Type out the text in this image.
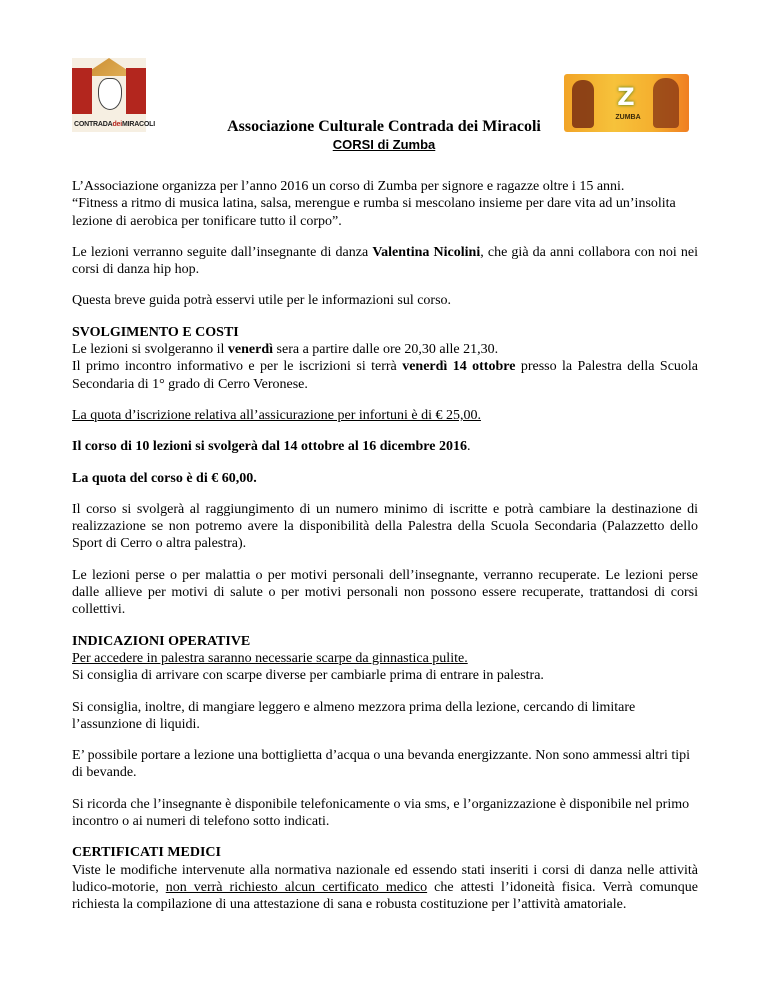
CONTRADAdeiMIRACOLI
Z
ZUMBA
Associazione Culturale Contrada dei Miracoli
CORSI di Zumba

L’Associazione organizza per l’anno 2016 un corso di Zumba per signore e ragazze oltre i 15 anni.

“Fitness a ritmo di musica latina, salsa, merengue e rumba si mescolano insieme per dare vita ad un’insolita lezione di aerobica per tonificare tutto il corpo”.

Le lezioni verranno seguite dall’insegnante di danza Valentina Nicolini, che già da anni collabora con noi nei corsi di danza hip hop.

Questa breve guida potrà esservi utile per le informazioni sul corso.

SVOLGIMENTO E COSTI

Le lezioni si svolgeranno il venerdì sera a partire dalle ore 20,30 alle 21,30.

Il primo incontro informativo e per le iscrizioni si terrà venerdì 14 ottobre presso la Palestra della Scuola Secondaria di 1° grado di Cerro Veronese.

La quota d’iscrizione relativa all’assicurazione per infortuni è di € 25,00.

Il corso di 10 lezioni si svolgerà dal 14 ottobre al 16 dicembre 2016.

La quota del corso è di € 60,00.

Il corso si svolgerà al raggiungimento di un numero minimo di iscritte e potrà cambiare la destinazione di realizzazione se non potremo avere la disponibilità della Palestra della Scuola Secondaria (Palazzetto dello Sport di Cerro o altra palestra).

Le lezioni perse o per malattia o per motivi personali dell’insegnante, verranno recuperate. Le lezioni perse dalle allieve per motivi di salute o per motivi personali non possono essere recuperate, trattandosi di corsi collettivi.

INDICAZIONI OPERATIVE

Per accedere in palestra saranno necessarie scarpe da ginnastica pulite.

Si consiglia di arrivare con scarpe diverse per cambiarle prima di entrare in palestra.

Si consiglia, inoltre, di mangiare leggero e almeno mezzora prima della lezione, cercando di limitare l’assunzione di liquidi.

E’ possibile portare a lezione una bottiglietta d’acqua o una bevanda energizzante. Non sono ammessi altri tipi di bevande.

Si ricorda che l’insegnante è disponibile telefonicamente o via sms, e l’organizzazione è disponibile nel primo incontro o ai numeri di telefono sotto indicati.

CERTIFICATI MEDICI

Viste le modifiche intervenute alla normativa nazionale ed essendo stati inseriti i corsi di danza nelle attività ludico-motorie, non verrà richiesto alcun certificato medico che attesti l’idoneità fisica. Verrà comunque richiesta la compilazione di una attestazione di sana e robusta costituzione per l’attività amatoriale.
